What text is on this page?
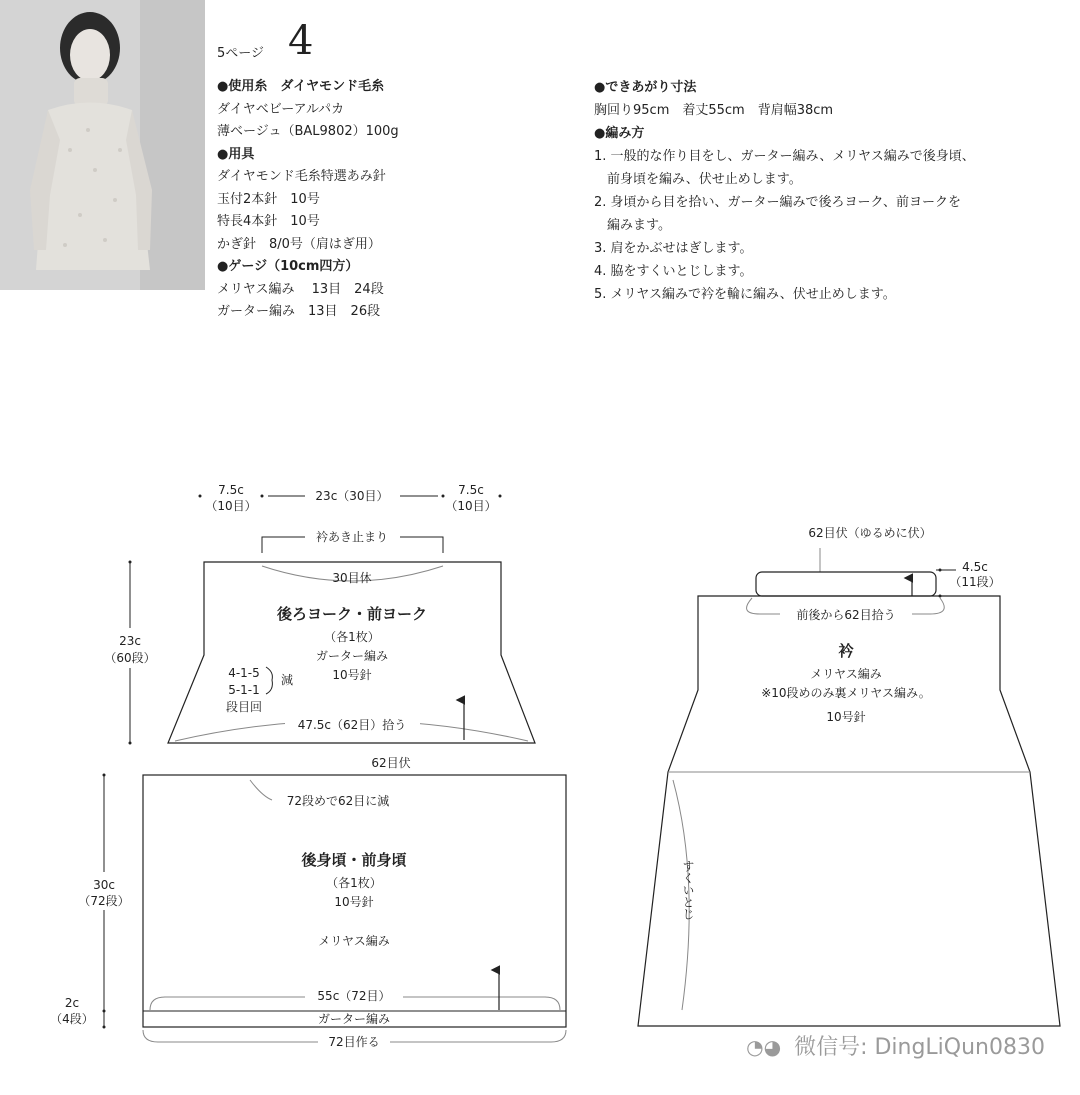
5ページ 4
●使用糸　ダイヤモンド毛糸
ダイヤベビーアルパカ
薄ベージュ（BAL9802）100g
●用具
ダイヤモンド毛糸特選あみ針
玉付2本針　10号
特長4本針　10号
かぎ針　8/0号（肩はぎ用）
●ゲージ（10cm四方）
メリヤス編み　 13目　24段
ガーター編み　13目　26段
●できあがり寸法
胸回り95cm　着丈55cm　背肩幅38cm
●編み方
1. 一般的な作り目をし、ガーター編み、メリヤス編みで後身頃、
　前身頃を編み、伏せ止めします。
2. 身頃から目を拾い、ガーター編みで後ろヨーク、前ヨークを
　編みます。
3. 肩をかぶせはぎします。
4. 脇をすくいとじします。
5. メリヤス編みで衿を輪に編み、伏せ止めします。
7.5c
（10目）
23c（30目）	7.5c
（10目）
衿あき止まり
30目休
後ろヨーク・前ヨーク
（各1枚）
ガーター編み
10号針
23c
（60段）
4-1-5
5-1-1
減
段目回
47.5c（62目）拾う
62目伏
72段めで62目に減
後身頃・前身頃
（各1枚）
10号針
メリヤス編み
30c
（72段）
2c
（4段）
55c（72目）
ガーター編み
72目作る
62目伏（ゆるめに伏）
4.5c
（11段）
前後から62目拾う
衿
メリヤス編み
※10段めのみ裏メリヤス編み。
10号針
すくいとじ
◔◕ 微信号: DingLiQun0830
